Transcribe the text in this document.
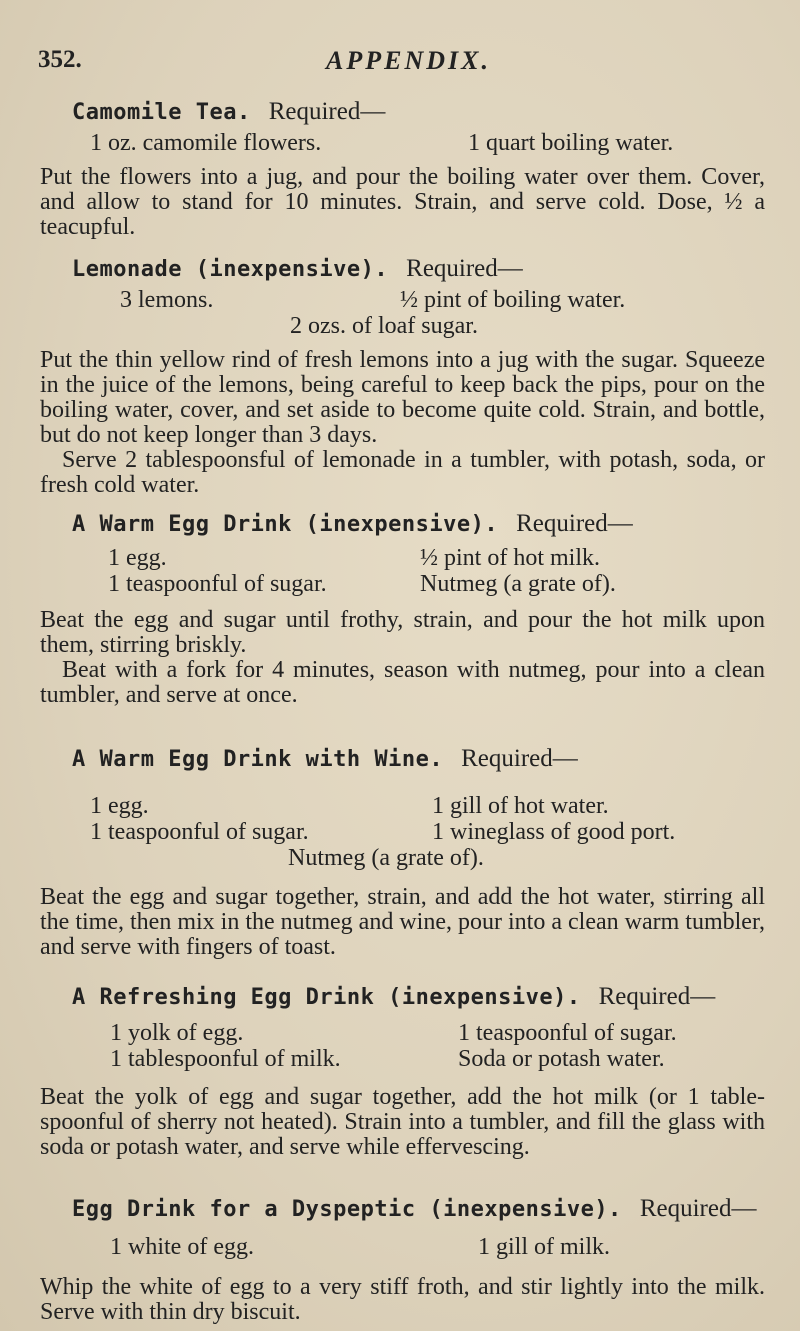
352.	APPENDIX.
Camomile Tea. Required—
1 oz. camomile flowers.	1 quart boiling water.

Put the flowers into a jug, and pour the boiling water over them. Cover, and allow to stand for 10 minutes. Strain, and serve cold. Dose, ½ a teacupful.

Lemonade (inexpensive). Required—
3 lemons.	½ pint of boiling water.
2 ozs. of loaf sugar.

Put the thin yellow rind of fresh lemons into a jug with the sugar. Squeeze in the juice of the lemons, being careful to keep back the pips, pour on the boiling water, cover, and set aside to become quite cold. Strain, and bottle, but do not keep longer than 3 days.

Serve 2 tablespoonsful of lemonade in a tumbler, with potash, soda, or fresh cold water.

A Warm Egg Drink (inexpensive). Required—
1 egg.	½ pint of hot milk.
1 teaspoonful of sugar.	Nutmeg (a grate of).

Beat the egg and sugar until frothy, strain, and pour the hot milk upon them, stirring briskly.

Beat with a fork for 4 minutes, season with nutmeg, pour into a clean tumbler, and serve at once.

A Warm Egg Drink with Wine. Required—
1 egg.	1 gill of hot water.
1 teaspoonful of sugar.	1 wineglass of good port.
Nutmeg (a grate of).

Beat the egg and sugar together, strain, and add the hot water, stirring all the time, then mix in the nutmeg and wine, pour into a clean warm tumbler, and serve with fingers of toast.

A Refreshing Egg Drink (inexpensive). Required—
1 yolk of egg.	1 teaspoonful of sugar.
1 tablespoonful of milk.	Soda or potash water.

Beat the yolk of egg and sugar together, add the hot milk (or 1 table-spoonful of sherry not heated). Strain into a tumbler, and fill the glass with soda or potash water, and serve while effervescing.

Egg Drink for a Dyspeptic (inexpensive). Required—
1 white of egg.	1 gill of milk.

Whip the white of egg to a very stiff froth, and stir lightly into the milk. Serve with thin dry biscuit.
